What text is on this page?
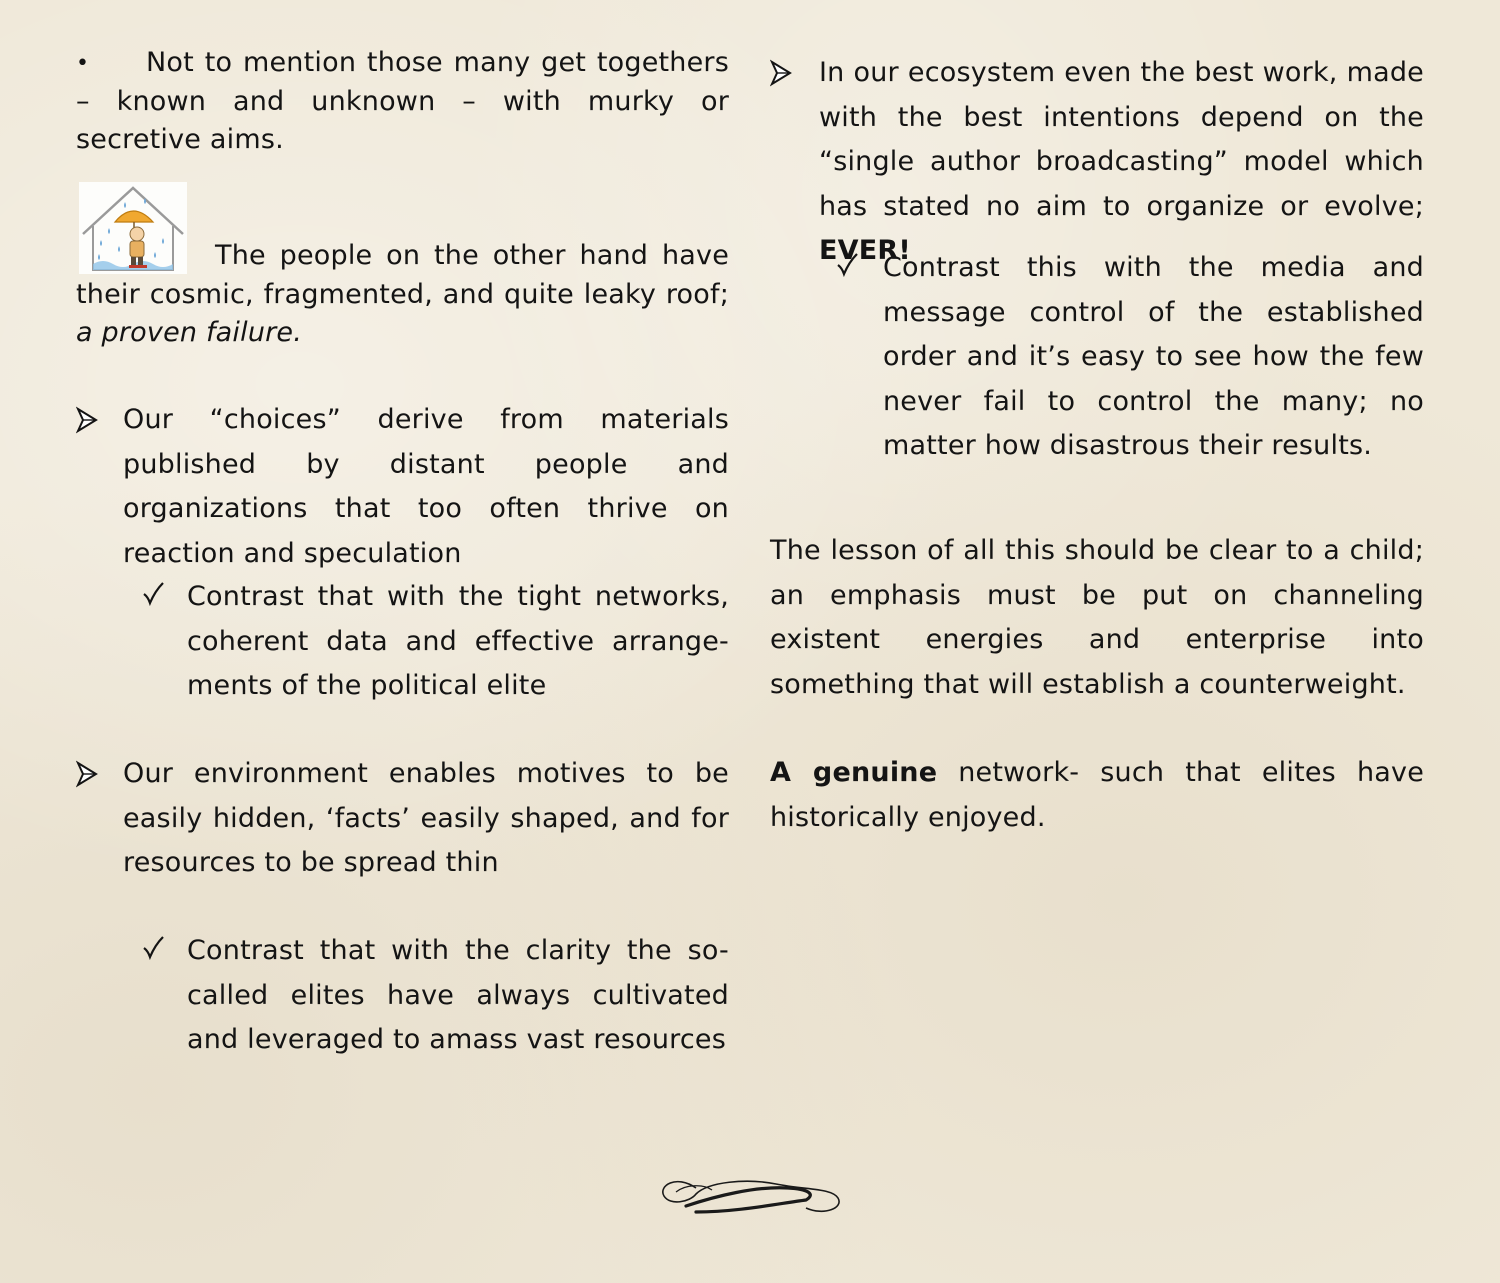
•	Not to mention those many get togethers – known and unknown – with murky or secretive aims.

The people on the other hand have their cosmic, fragmented, and quite leaky roof; a proven failure.

Our “choices” derive from materials published by distant people and organizations that too often thrive on reaction and speculation

Contrast that with the tight networks, coherent data and effective arrange-ments of the political elite

Our environment enables motives to be easily hidden, ‘facts’ easily shaped, and for resources to be spread thin

Contrast that with the clarity the so-called elites have always cultivated and leveraged to amass vast resources

In our ecosystem even the best work, made with the best intentions depend on the “single author broadcasting” model which has stated no aim to organize or evolve; EVER!

Contrast this with the media and message control of the established order and it’s easy to see how the few never fail to control the many; no matter how disastrous their results.

The lesson of all this should be clear to a child; an emphasis must be put on channeling existent energies and enterprise into something that will establish a counterweight.

A genuine network- such that elites have historically enjoyed.
